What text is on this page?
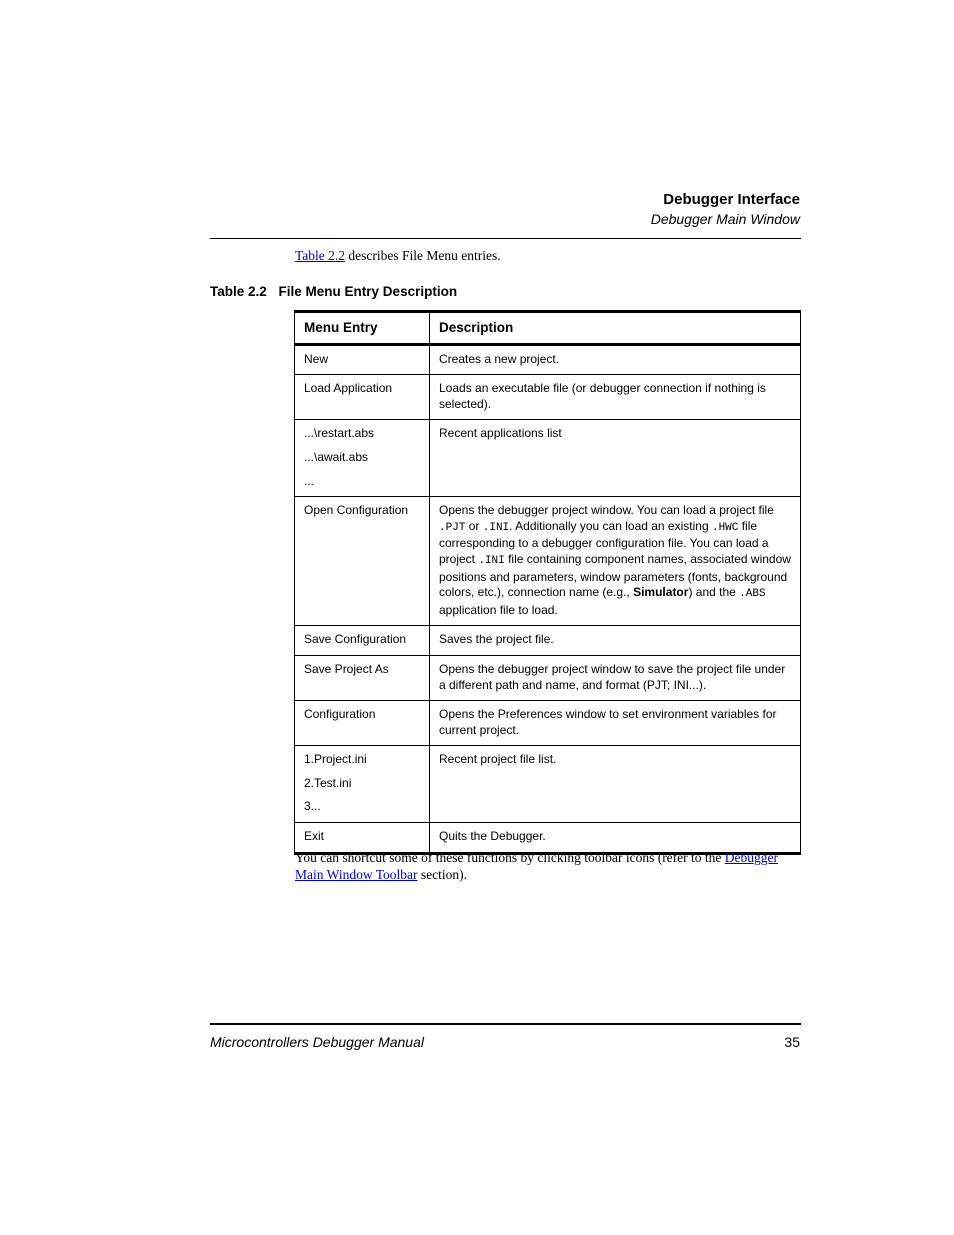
Debugger Interface
Debugger Main Window
Table 2.2 describes File Menu entries.
Table 2.2 File Menu Entry Description
Menu Entry	Description
New	Creates a new project.
Load Application	Loads an executable file (or debugger connection if nothing is selected).

...\restart.abs
...\await.abs
...	Recent applications list
Open Configuration	Opens the debugger project window. You can load a project file .PJT or .INI. Additionally you can load an existing .HWC file corresponding to a debugger configuration file. You can load a project .INI file containing component names, associated window positions and parameters, window parameters (fonts, background colors, etc.), connection name (e.g., Simulator) and the .ABS application file to load.
Save Configuration	Saves the project file.
Save Project As	Opens the debugger project window to save the project file under a different path and name, and format (PJT; INI...).
Configuration	Opens the Preferences window to set environment variables for current project.

1.Project.ini
2.Test.ini
3...	Recent project file list.
Exit	Quits the Debugger.
You can shortcut some of these functions by clicking toolbar icons (refer to the Debugger Main Window Toolbar section).
Microcontrollers Debugger Manual	35
